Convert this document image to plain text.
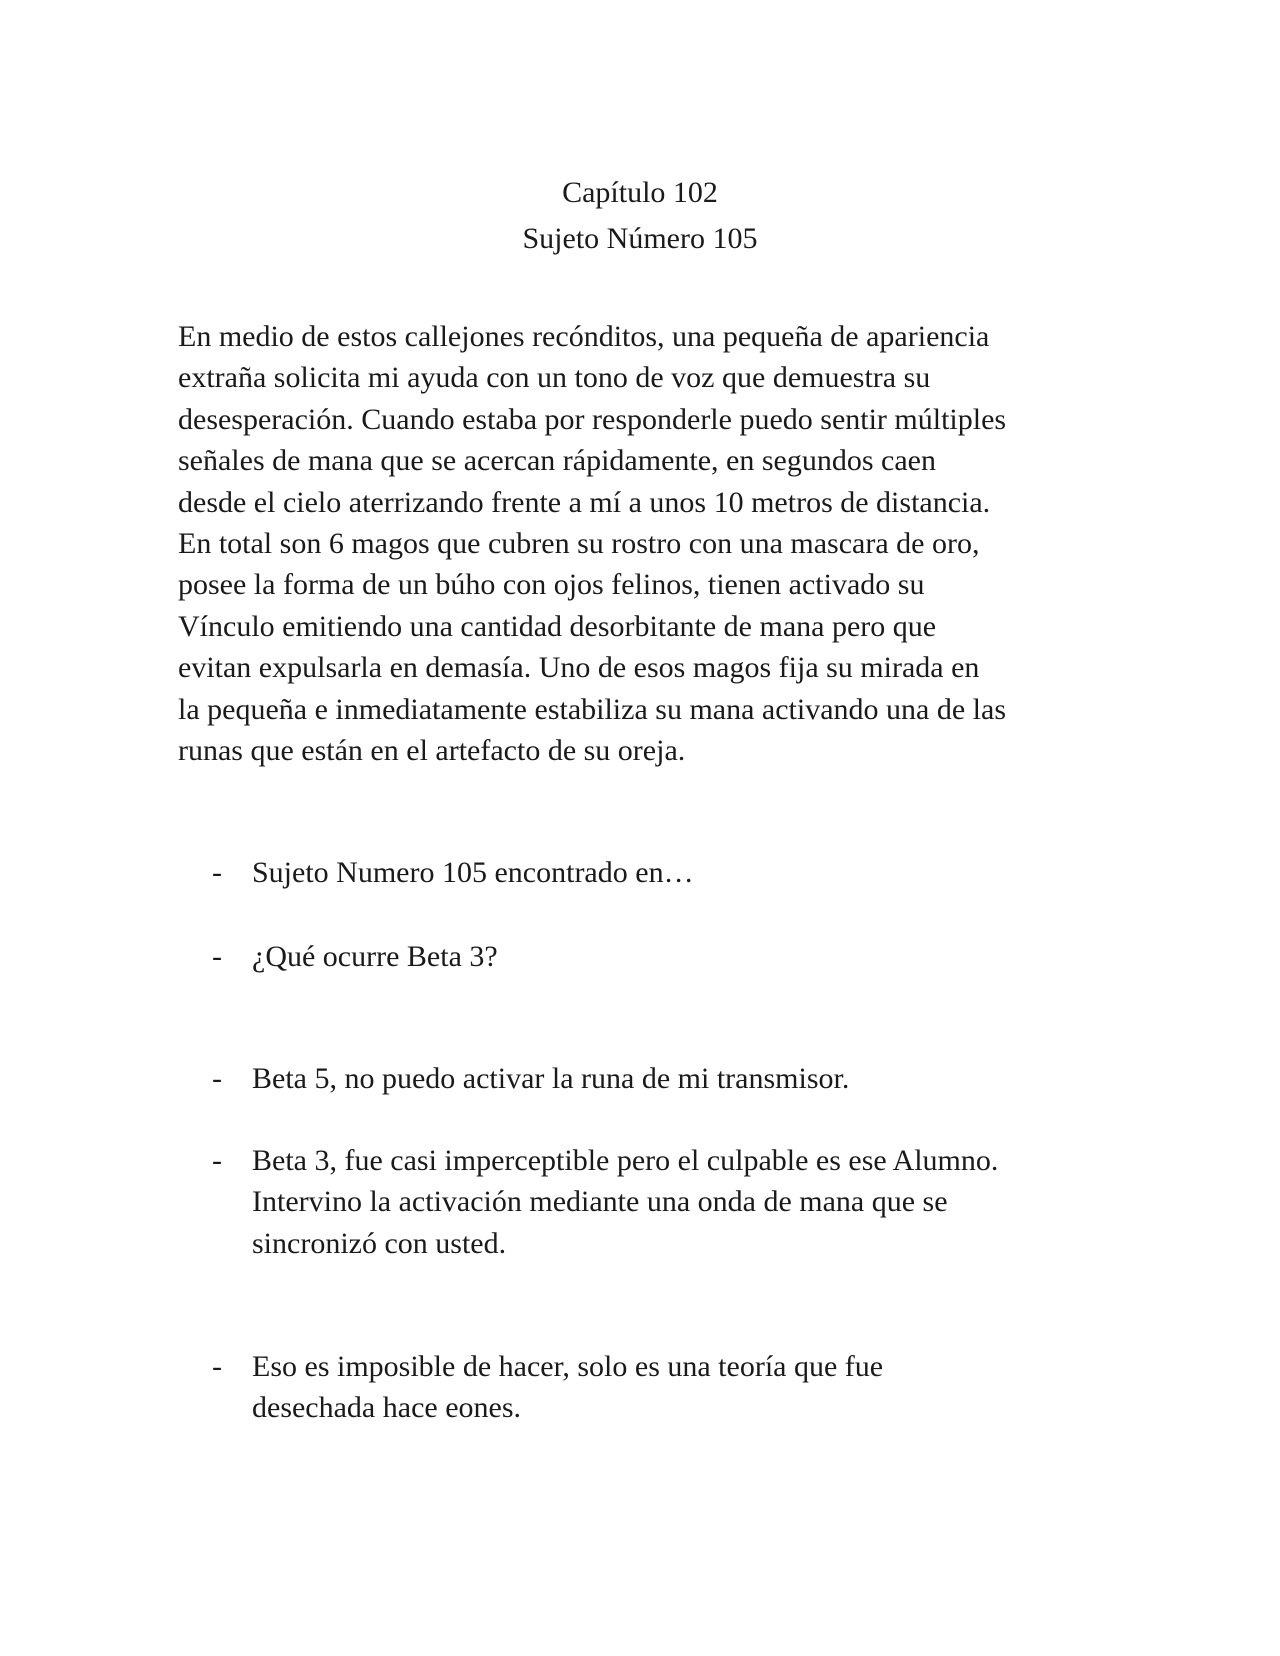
Capítulo 102
Sujeto Número 105

En medio de estos callejones recónditos, una pequeña de apariencia
extraña solicita mi ayuda con un tono de voz que demuestra su
desesperación. Cuando estaba por responderle puedo sentir múltiples
señales de mana que se acercan rápidamente, en segundos caen
desde el cielo aterrizando frente a mí a unos 10 metros de distancia.
En total son 6 magos que cubren su rostro con una mascara de oro,
posee la forma de un búho con ojos felinos, tienen activado su
Vínculo emitiendo una cantidad desorbitante de mana pero que
evitan expulsarla en demasía. Uno de esos magos fija su mirada en
la pequeña e inmediatamente estabiliza su mana activando una de las
runas que están en el artefacto de su oreja.

- Sujeto Numero 105 encontrado en…
- ¿Qué ocurre Beta 3?
- Beta 5, no puedo activar la runa de mi transmisor.
- Beta 3, fue casi imperceptible pero el culpable es ese Alumno.
Intervino la activación mediante una onda de mana que se
sincronizó con usted.
- Eso es imposible de hacer, solo es una teoría que fue
desechada hace eones.
